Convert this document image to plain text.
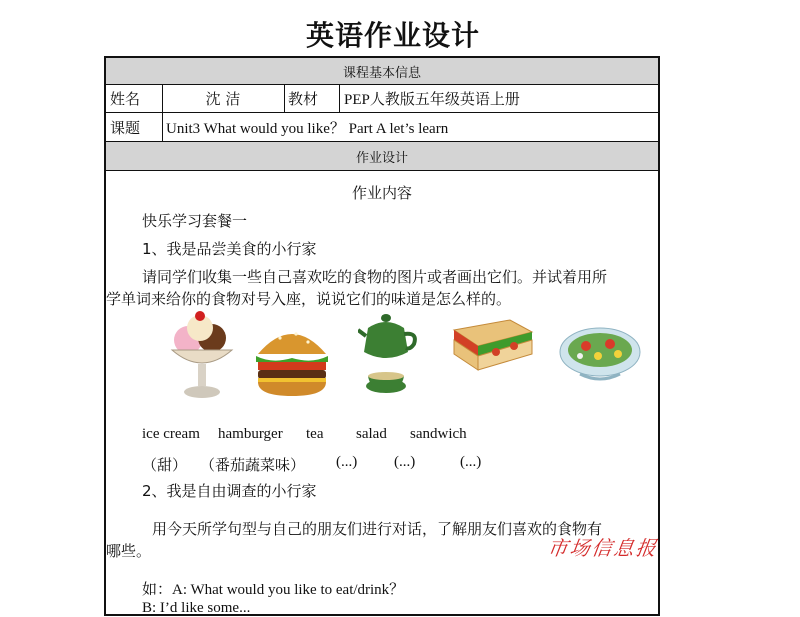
英语作业设计
课程基本信息
姓名	沈 洁	教材	PEP人教版五年级英语上册
课题	Unit3 What would you like？ Part A let’s learn
作业设计
作业内容
快乐学习套餐一
1、我是品尝美食的小行家
请同学们收集一些自己喜欢吃的食物的图片或者画出它们。并试着用所
学单词来给你的食物对号入座，说说它们的味道是怎么样的。
ice cream hamburger tea salad sandwich
（甜） （番茄蔬菜味） (...) (...)	(...)
2、我是自由调查的小行家
用今天所学句型与自己的朋友们进行对话，了解朋友们喜欢的食物有
哪些。
如：A: What would you like to eat/drink？
B: I’d like some...
市场信息报
